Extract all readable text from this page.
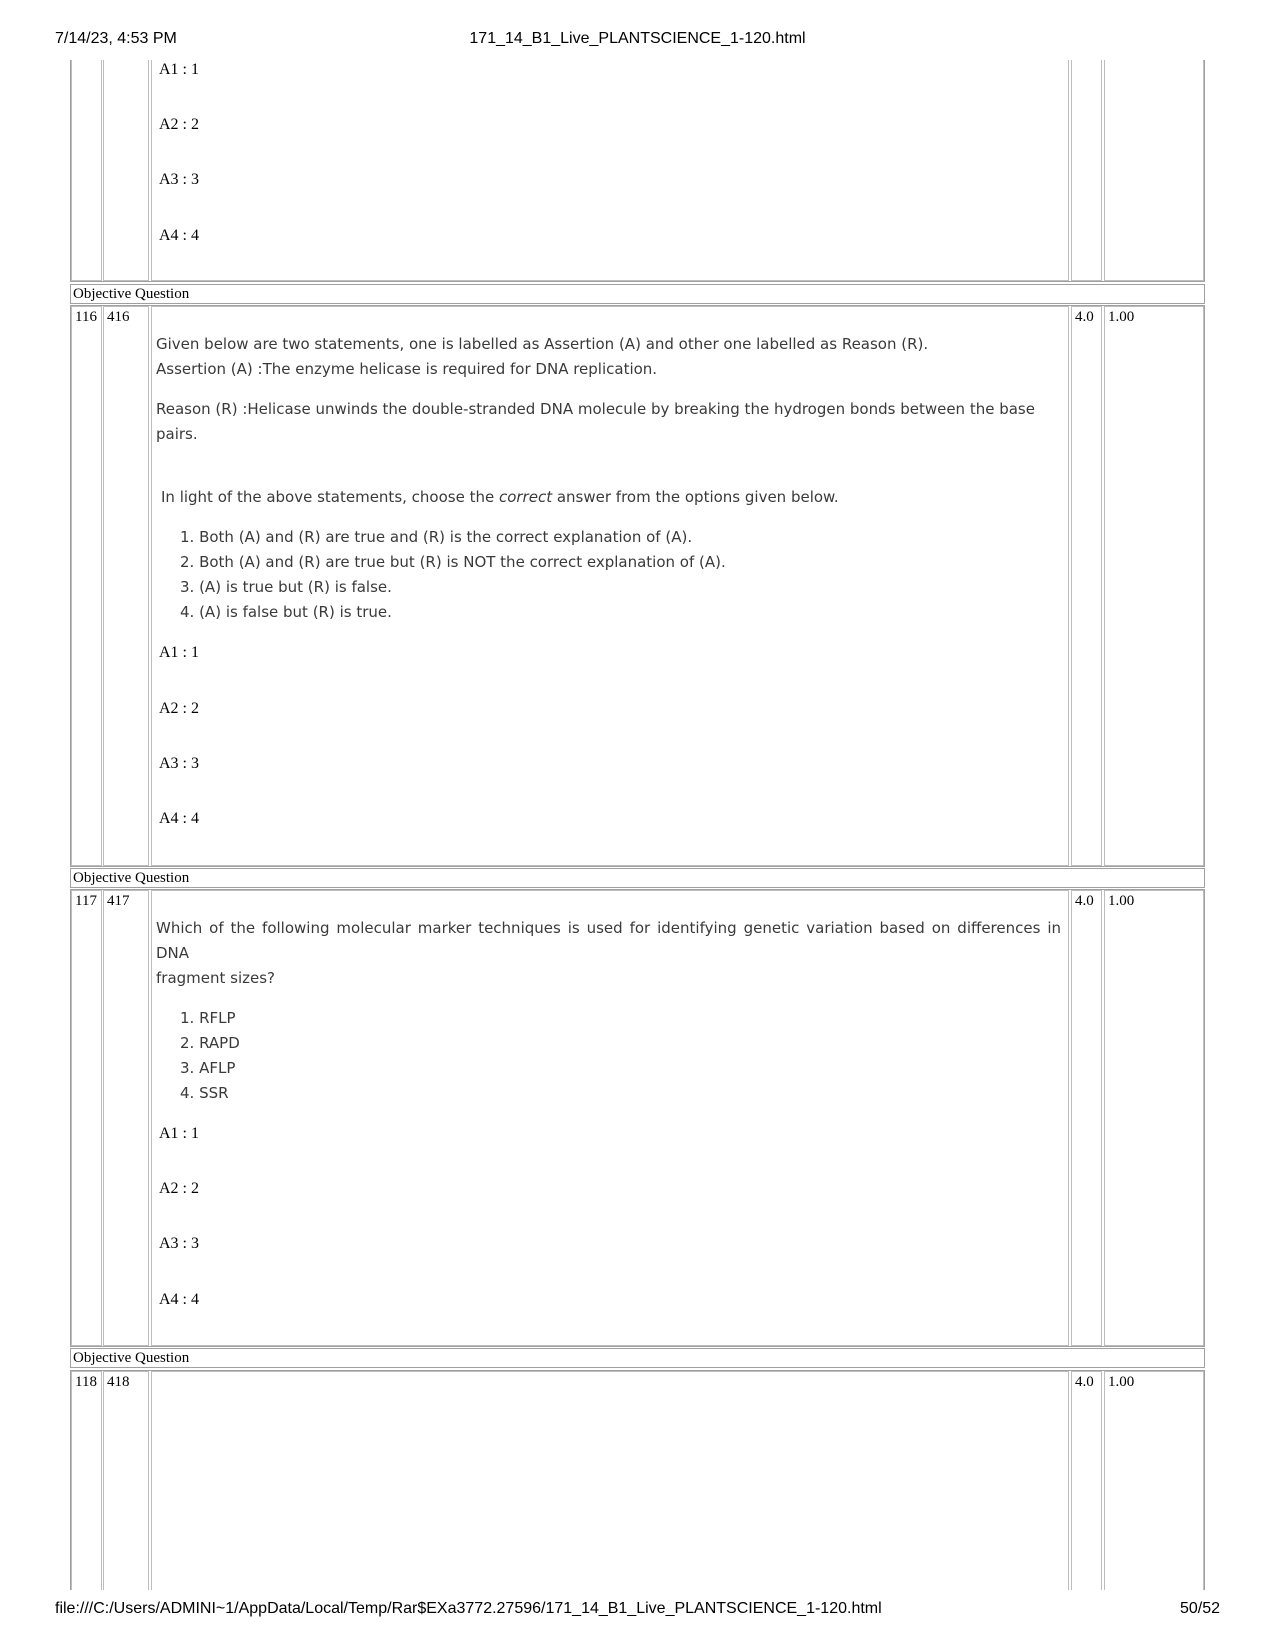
7/14/23, 4:53 PM	171_14_B1_Live_PLANTSCIENCE_1-120.html
A1 : 1
A2 : 2
A3 : 3
A4 : 4
Objective Question
116 416

Given below are two statements, one is labelled as Assertion (A) and other one labelled as Reason (R).

Assertion (A) :The enzyme helicase is required for DNA replication.

Reason (R) :Helicase unwinds the double-stranded DNA molecule by breaking the hydrogen bonds between the base pairs.

In light of the above statements, choose the correct answer from the options given below.

1. Both (A) and (R) are true and (R) is the correct explanation of (A).
2. Both (A) and (R) are true but (R) is NOT the correct explanation of (A).
3. (A) is true but (R) is false.
4. (A) is false but (R) is true.
A1 : 1
A2 : 2
A3 : 3
A4 : 4
4.0 1.00
Objective Question
117 417

Which of the following molecular marker techniques is used for identifying genetic variation based on differences in DNA

fragment sizes?

1. RFLP
2. RAPD
3. AFLP
4. SSR
A1 : 1
A2 : 2
A3 : 3
A4 : 4
4.0 1.00
Objective Question
118 418	4.0 1.00
file:///C:/Users/ADMINI~1/AppData/Local/Temp/Rar$EXa3772.27596/171_14_B1_Live_PLANTSCIENCE_1-120.html	50/52
